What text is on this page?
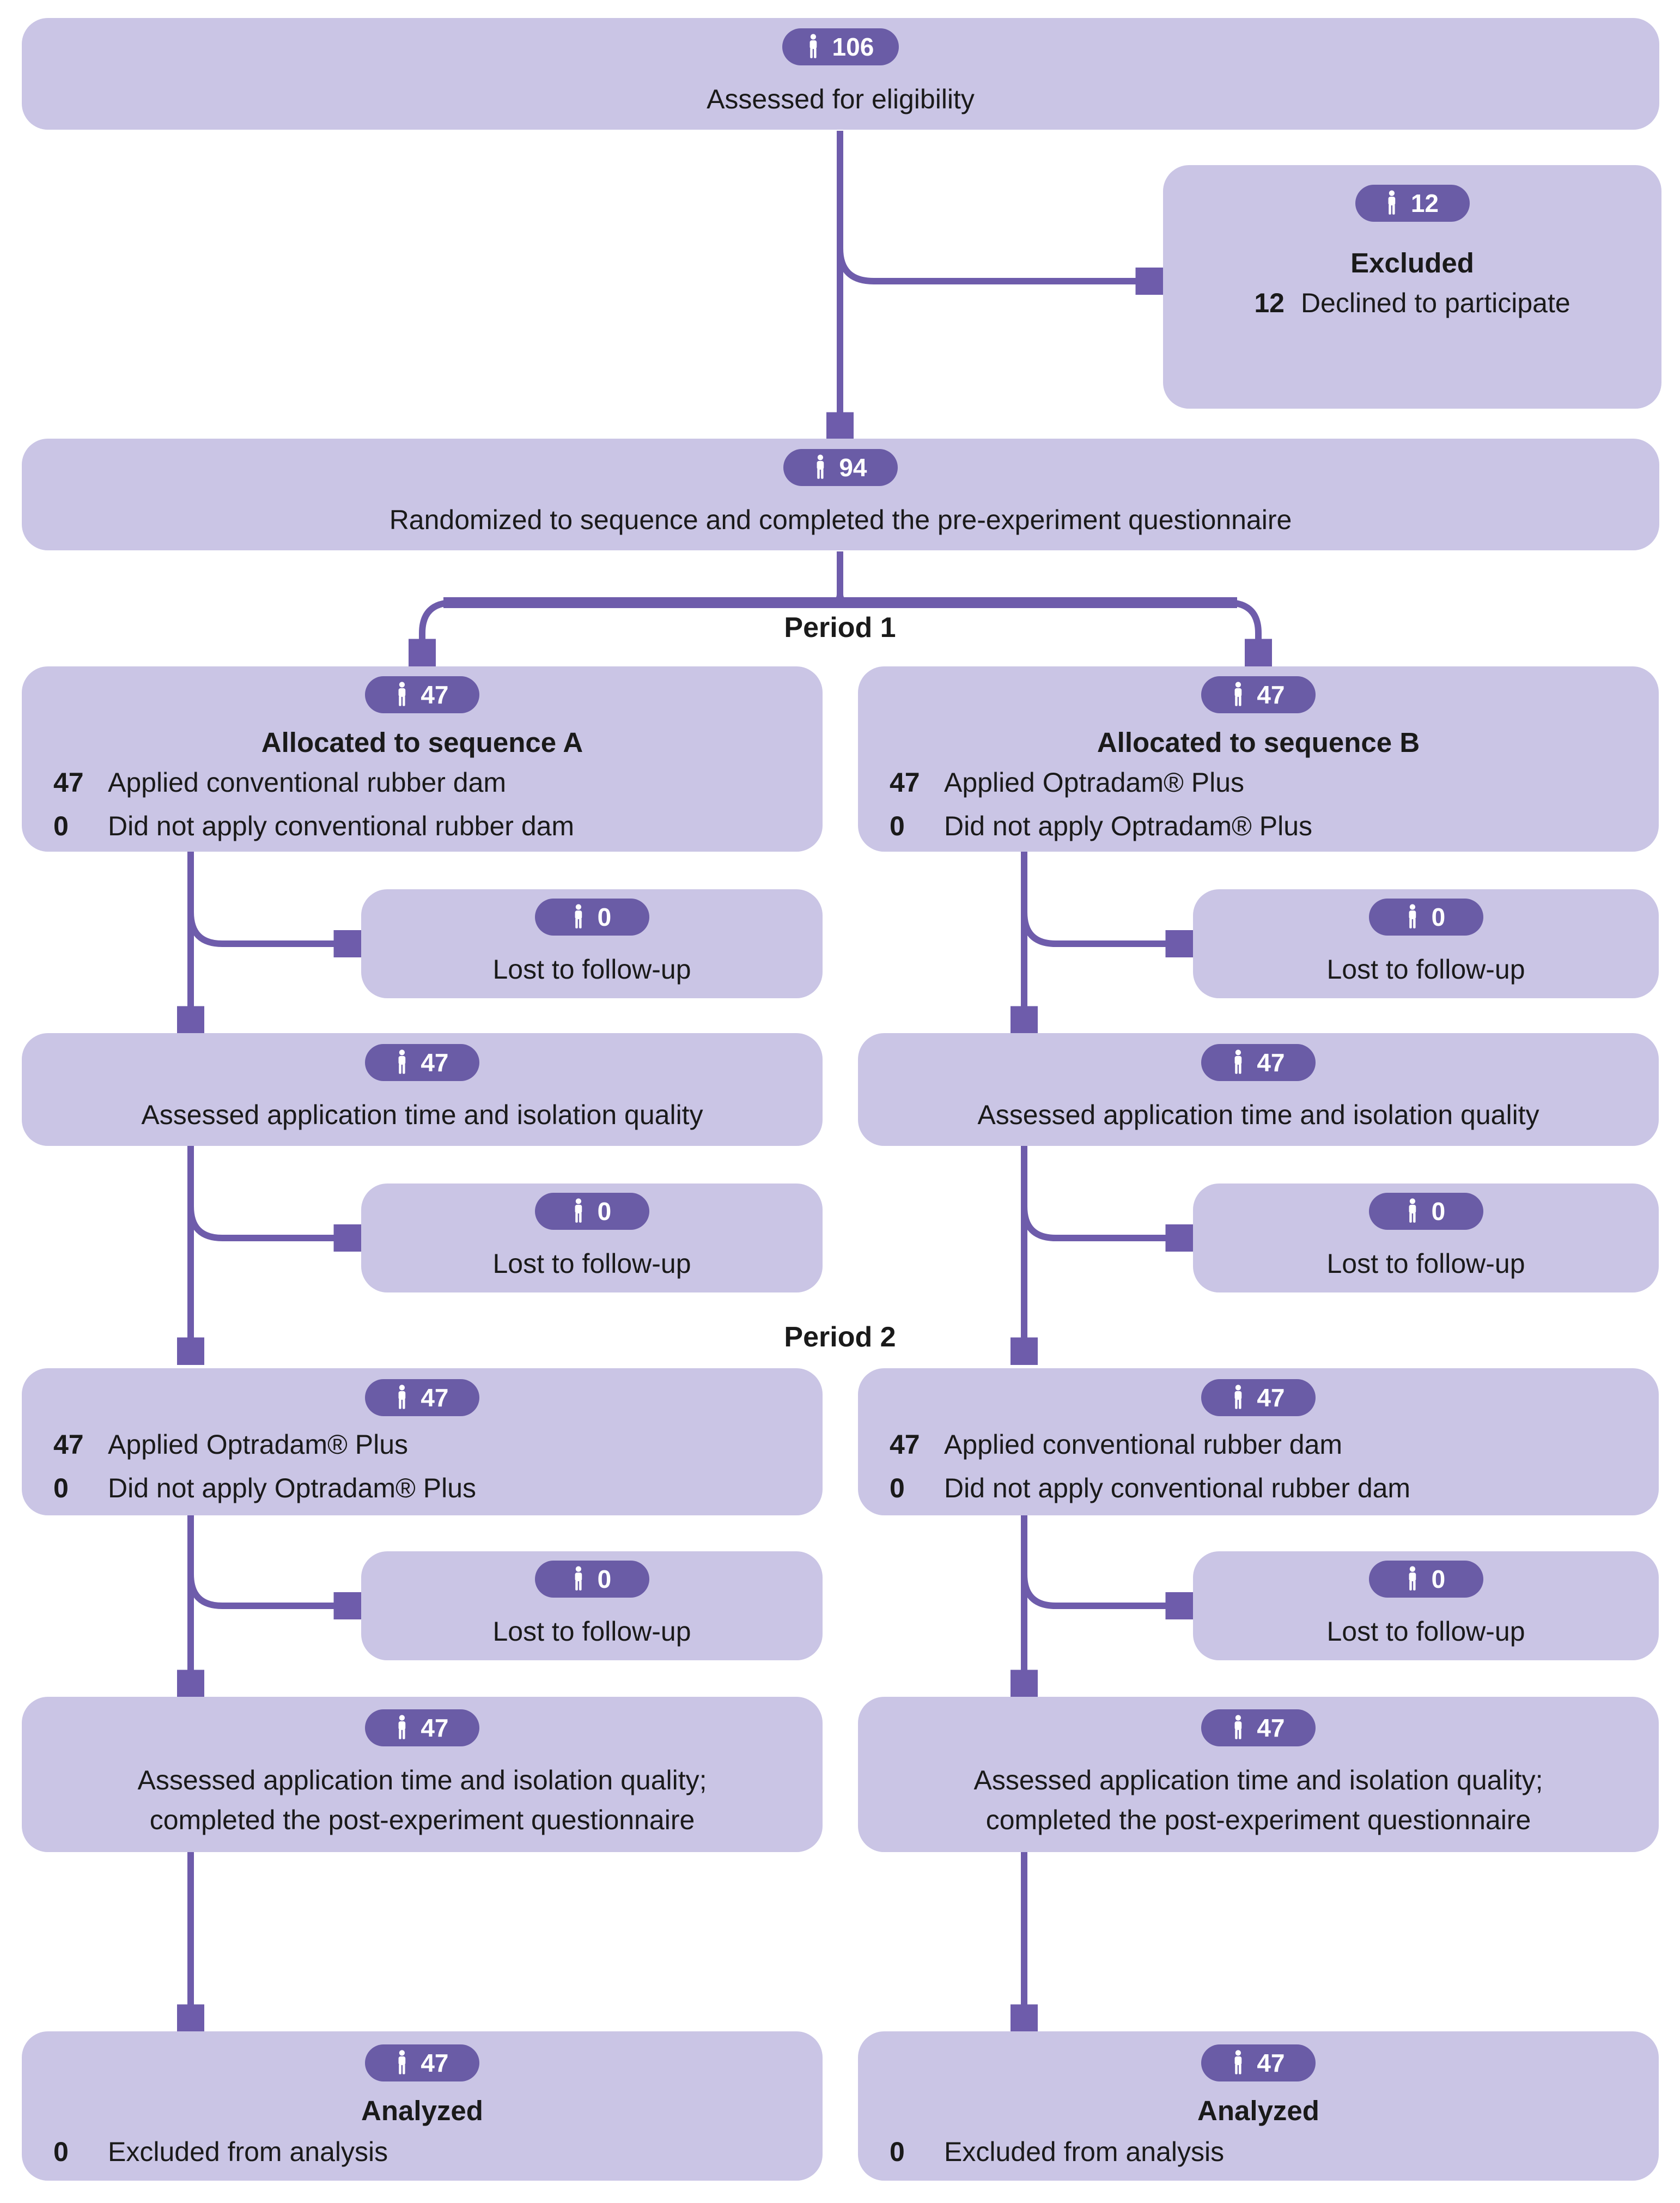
106
Assessed for eligibility
12
Excluded
12 Declined to participate
94
Randomized to sequence and completed the pre-experiment questionnaire
Period 1
47
Allocated to sequence A
47 Applied conventional rubber dam
0	Did not apply conventional rubber dam
47
Allocated to sequence B
47 Applied Optradam® Plus
0	Did not apply Optradam® Plus
0
Lost to follow-up
0
Lost to follow-up
47
Assessed application time and isolation quality
47
Assessed application time and isolation quality
0
Lost to follow-up
0
Lost to follow-up
Period 2
47
47 Applied Optradam® Plus
0	Did not apply Optradam® Plus
47
47 Applied conventional rubber dam
0	Did not apply conventional rubber dam
0
Lost to follow-up
0
Lost to follow-up
47
Assessed application time and isolation quality;
completed the post-experiment questionnaire
47
Assessed application time and isolation quality;
completed the post-experiment questionnaire
47
Analyzed
0	Excluded from analysis
47
Analyzed
0	Excluded from analysis
